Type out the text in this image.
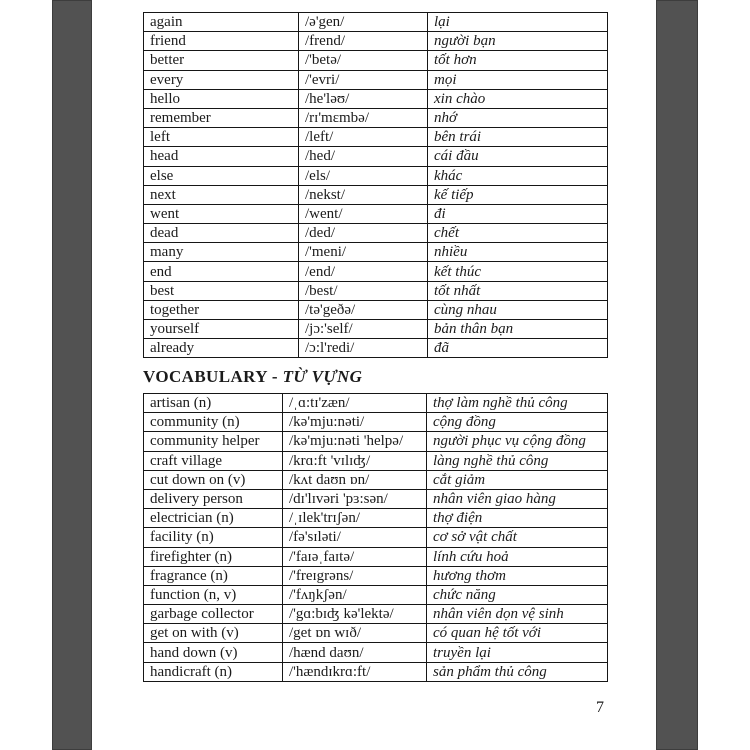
again	/ə'gen/	lại
friend	/frend/	người bạn
better	/'betə/	tốt hơn
every	/'evri/	mọi
hello	/he'ləʊ/	xin chào
remember	/rɪ'mɛmbə/	nhớ
left	/left/	bên trái
head	/hed/	cái đầu
else	/els/	khác
next	/nekst/	kế tiếp
went	/went/	đi
dead	/ded/	chết
many	/'meni/	nhiều
end	/end/	kết thúc
best	/best/	tốt nhất
together	/tə'geðə/	cùng nhau
yourself	/jɔ:'self/	bản thân bạn
already	/ɔ:l'redi/	đã
VOCABULARY - TỪ VỰNG
artisan (n)	/ˌɑ:tɪ'zæn/	thợ làm nghề thủ công
community (n)	/kə'mju:nəti/	cộng đồng
community helper	/kə'mju:nəti 'helpə/	người phục vụ cộng đồng
craft village	/krɑ:ft 'vɪlɪʤ/	làng nghề thủ công
cut down on (v)	/kʌt daʊn ɒn/	cắt giảm
delivery person	/dɪ'lɪvəri 'pɜ:sən/	nhân viên giao hàng
electrician (n)	/ˌɪlek'trɪʃən/	thợ điện
facility (n)	/fə'sɪləti/	cơ sở vật chất
firefighter (n)	/'faɪəˌfaɪtə/	lính cứu hoả
fragrance (n)	/'freɪgrəns/	hương thơm
function (n, v)	/'fʌŋkʃən/	chức năng
garbage collector	/'gɑ:bɪʤ kə'lektə/	nhân viên dọn vệ sinh
get on with (v)	/get ɒn wɪð/	có quan hệ tốt với
hand down (v)	/hænd daʊn/	truyền lại
handicraft (n)	/'hændɪkrɑ:ft/	sản phẩm thủ công
7
